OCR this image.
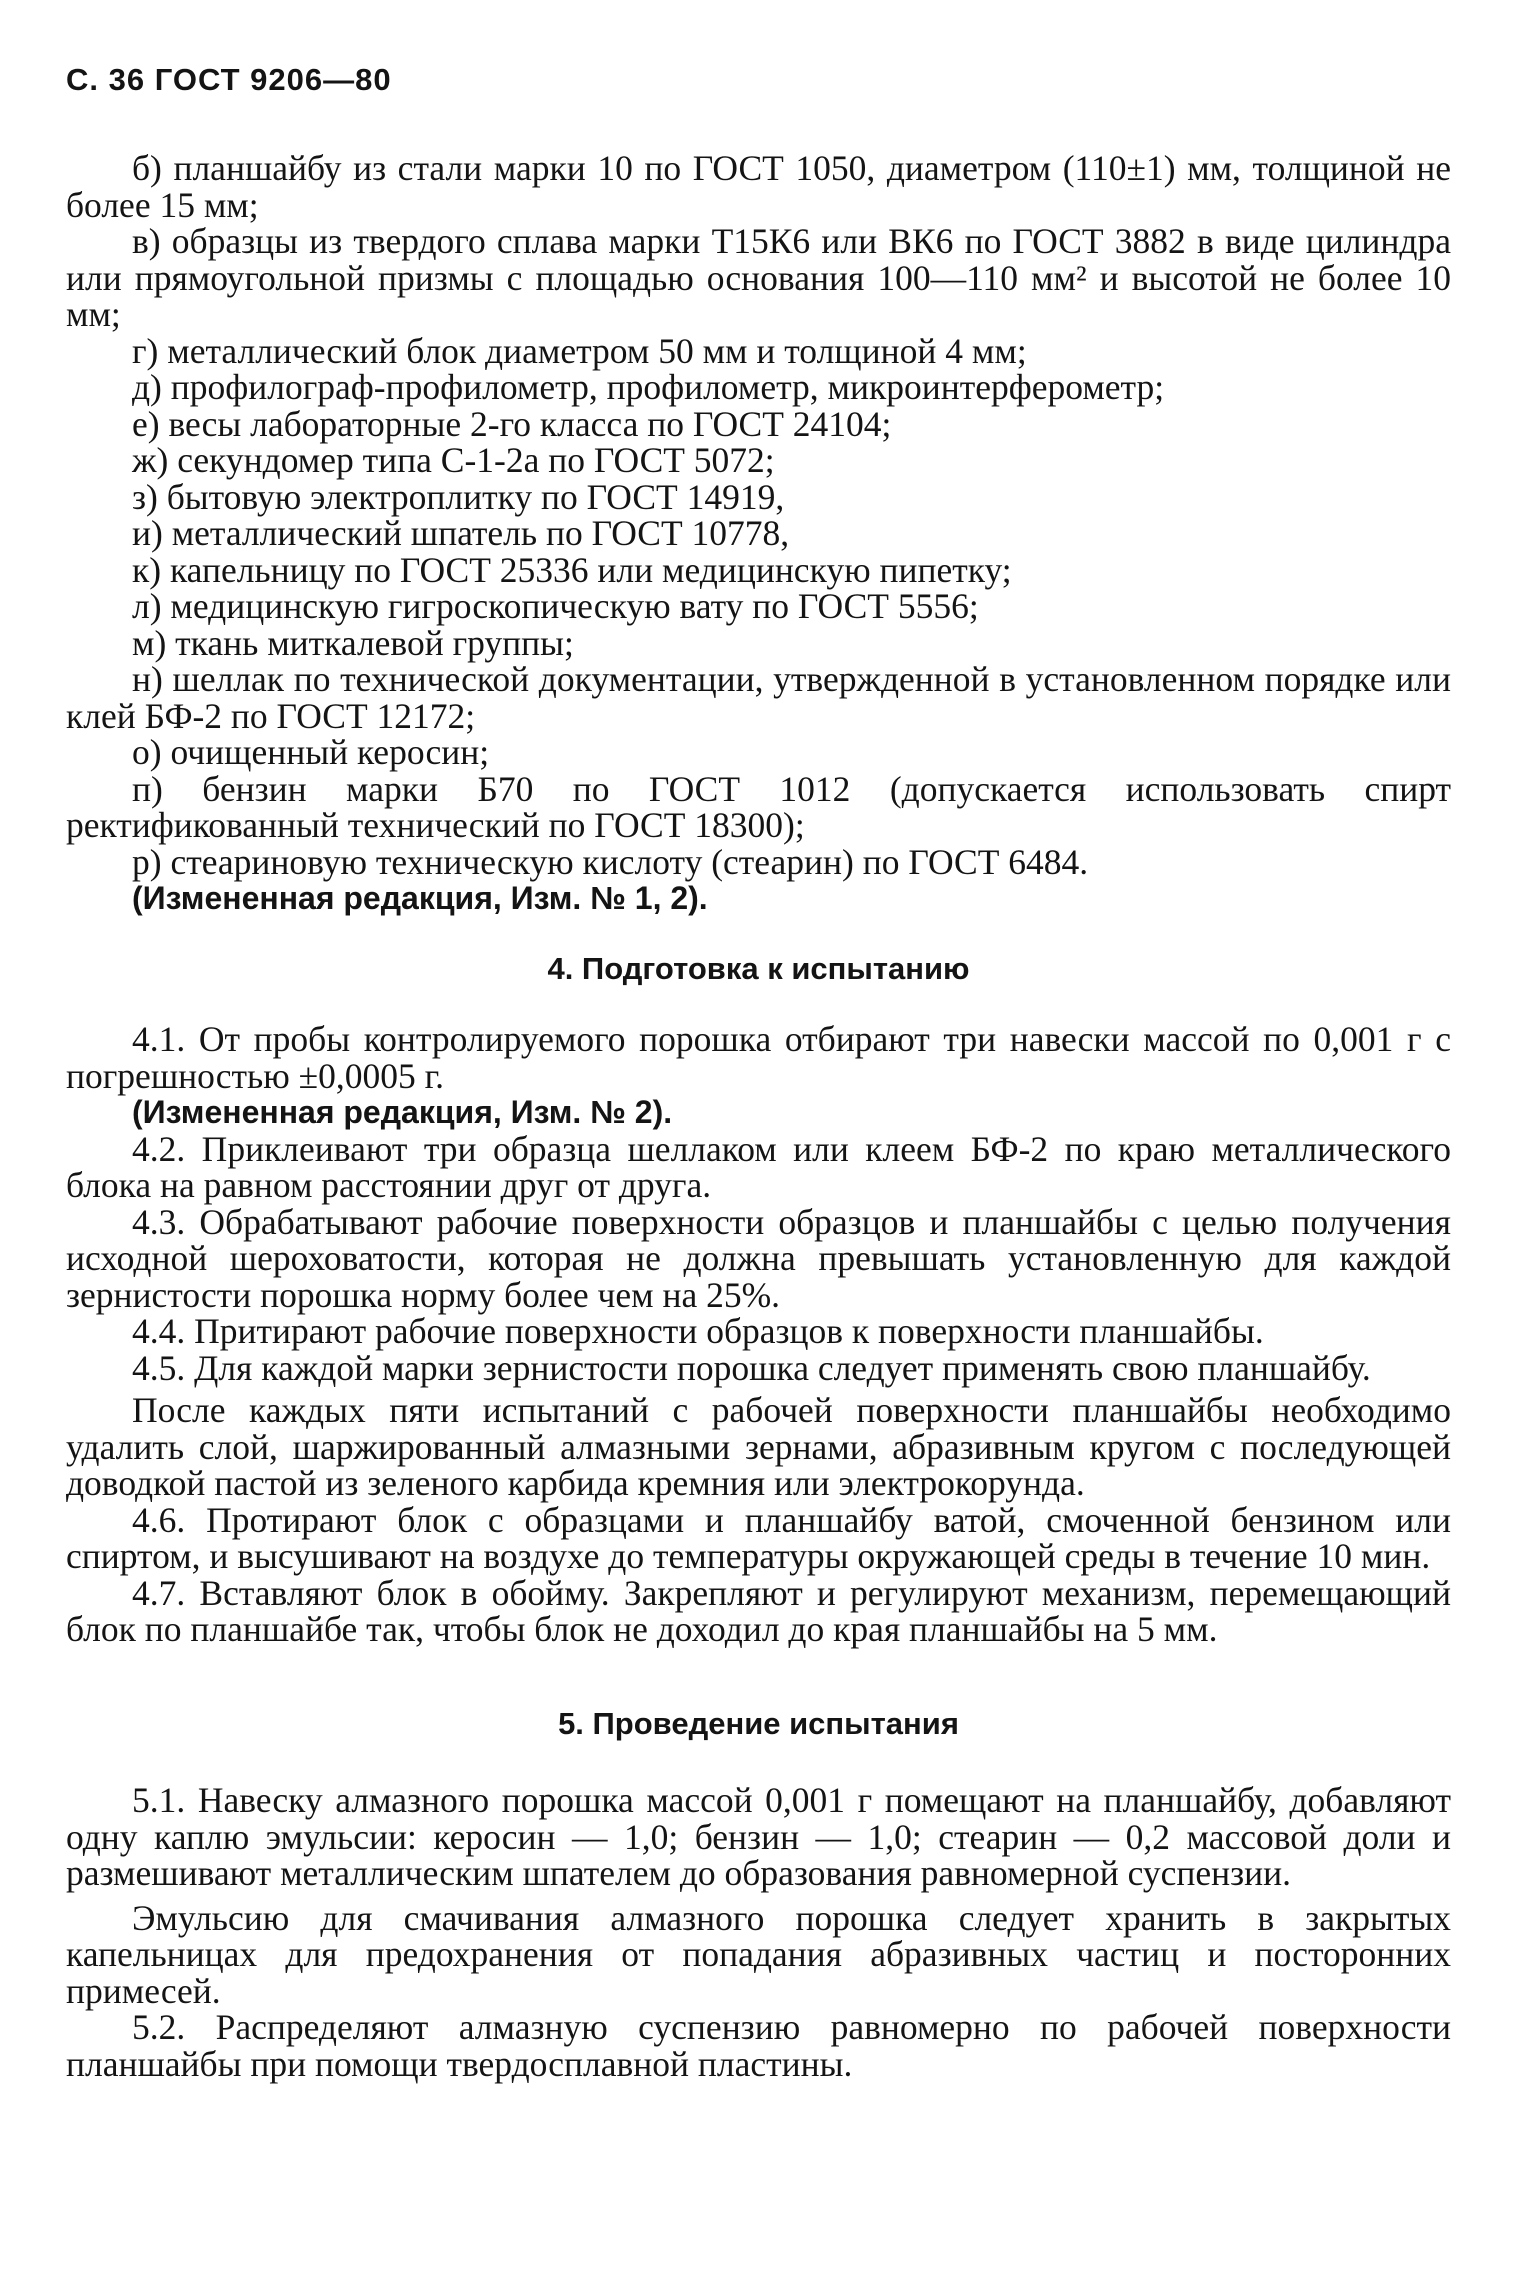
С. 36 ГОСТ 9206—80

б) планшайбу из стали марки 10 по ГОСТ 1050, диаметром (110±1) мм, толщиной не более 15 мм;

в) образцы из твердого сплава марки Т15К6 или ВК6 по ГОСТ 3882 в виде цилиндра или прямоугольной призмы с площадью основания 100—110 мм² и высотой не более 10 мм;

г) металлический блок диаметром 50 мм и толщиной 4 мм;

д) профилограф-профилометр, профилометр, микроинтерферометр;

е) весы лабораторные 2-го класса по ГОСТ 24104;

ж) секундомер типа С-1-2а по ГОСТ 5072;

з) бытовую электроплитку по ГОСТ 14919,

и) металлический шпатель по ГОСТ 10778,

к) капельницу по ГОСТ 25336 или медицинскую пипетку;

л) медицинскую гигроскопическую вату по ГОСТ 5556;

м) ткань миткалевой группы;

н) шеллак по технической документации, утвержденной в установленном порядке или клей БФ-2 по ГОСТ 12172;

о) очищенный керосин;

п) бензин марки Б70 по ГОСТ 1012 (допускается использовать спирт ректификованный технический по ГОСТ 18300);

р) стеариновую техническую кислоту (стеарин) по ГОСТ 6484.

(Измененная редакция, Изм. № 1, 2).

4. Подготовка к испытанию

4.1. От пробы контролируемого порошка отбирают три навески массой по 0,001 г с погрешностью ±0,0005 г.

(Измененная редакция, Изм. № 2).

4.2. Приклеивают три образца шеллаком или клеем БФ-2 по краю металлического блока на равном расстоянии друг от друга.

4.3. Обрабатывают рабочие поверхности образцов и планшайбы с целью получения исходной шероховатости, которая не должна превышать установленную для каждой зернистости порошка норму более чем на 25%.

4.4. Притирают рабочие поверхности образцов к поверхности планшайбы.

4.5. Для каждой марки зернистости порошка следует применять свою планшайбу.

После каждых пяти испытаний с рабочей поверхности планшайбы необходимо удалить слой, шаржированный алмазными зернами, абразивным кругом с последующей доводкой пастой из зеленого карбида кремния или электрокорунда.

4.6. Протирают блок с образцами и планшайбу ватой, смоченной бензином или спиртом, и высушивают на воздухе до температуры окружающей среды в течение 10 мин.

4.7. Вставляют блок в обойму. Закрепляют и регулируют механизм, перемещающий блок по планшайбе так, чтобы блок не доходил до края планшайбы на 5 мм.

5. Проведение испытания

5.1. Навеску алмазного порошка массой 0,001 г помещают на планшайбу, добавляют одну каплю эмульсии: керосин — 1,0; бензин — 1,0; стеарин — 0,2 массовой доли и размешивают металлическим шпателем до образования равномерной суспензии.

Эмульсию для смачивания алмазного порошка следует хранить в закрытых капельницах для предохранения от попадания абразивных частиц и посторонних примесей.

5.2. Распределяют алмазную суспензию равномерно по рабочей поверхности планшайбы при помощи твердосплавной пластины.
